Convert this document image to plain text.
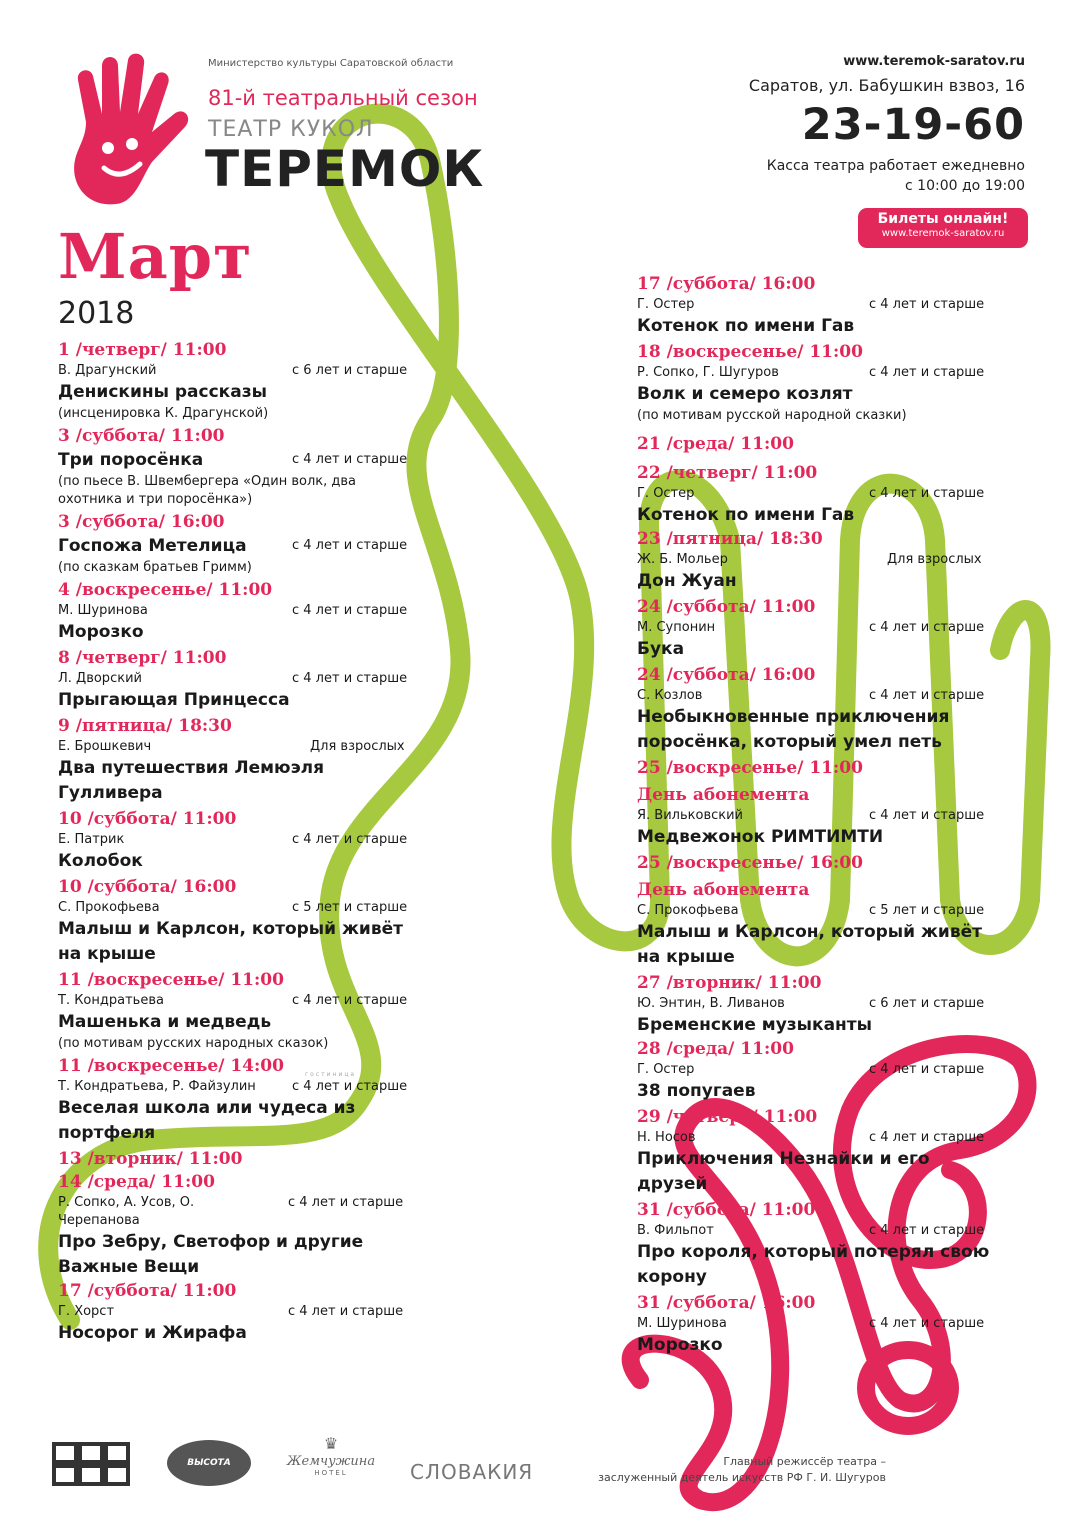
Министерство культуры Саратовской области
81-й театральный сезон
ТЕАТР КУКОЛ
ТЕРЕМОК
Март
2018
www.teremok-saratov.ru
Саратов, ул. Бабушкин взвоз, 16
23-19-60
Касса театра работает ежедневно
с 10:00 до 19:00
Билеты онлайн!
www.teremok-saratov.ru
1 /четверг/ 11:00
В. Драгунский	с 6 лет и старше
Денискины рассказы
(инсценировка К. Драгунской)
3 /суббота/ 11:00
Три поросёнка	с 4 лет и старше
(по пьесе В. Швембергера «Один волк, два охотника и три поросёнка»)
3 /суббота/ 16:00
Госпожа Метелица	с 4 лет и старше
(по сказкам братьев Гримм)
4 /воскресенье/ 11:00
М. Шуринова	с 4 лет и старше
Морозко
8 /четверг/ 11:00
Л. Дворский	с 4 лет и старше
Прыгающая Принцесса
9 /пятница/ 18:30
Е. Брошкевич	Для взрослых
Два путешествия Лемюэля Гулливера
10 /суббота/ 11:00
Е. Патрик	с 4 лет и старше
Колобок
10 /суббота/ 16:00
С. Прокофьева	с 5 лет и старше
Малыш и Карлсон, который живёт на крыше
11 /воскресенье/ 11:00
Т. Кондратьева	с 4 лет и старше
Машенька и медведь
(по мотивам русских народных сказок)
11 /воскресенье/ 14:00
Т. Кондратьева, Р. Файзулин	с 4 лет и старше
Веселая школа или чудеса из портфеля
13 /вторник/ 11:00
14 /среда/ 11:00
Р. Сопко, А. Усов, О. Черепанова
с 4 лет и старше
Про Зебру, Светофор и другие Важные Вещи
17 /суббота/ 11:00
Г. Хорст	с 4 лет и старше
Носорог и Жирафа
17 /суббота/ 16:00
Г. Остер	с 4 лет и старше
Котенок по имени Гав
18 /воскресенье/ 11:00
Р. Сопко, Г. Шугуров	с 4 лет и старше
Волк и семеро козлят
(по мотивам русской народной сказки)
21 /среда/ 11:00
22 /четверг/ 11:00
Г. Остер	с 4 лет и старше
Котенок по имени Гав
23 /пятница/ 18:30
Ж. Б. Мольер	Для взрослых
Дон Жуан
24 /суббота/ 11:00
М. Супонин	с 4 лет и старше
Бука
24 /суббота/ 16:00
С. Козлов	с 4 лет и старше
Необыкновенные приключения поросёнка, который умел петь
25 /воскресенье/ 11:00
День абонемента
Я. Вильковский	с 4 лет и старше
Медвежонок РИМТИМТИ
25 /воскресенье/ 16:00
День абонемента
С. Прокофьева	с 5 лет и старше
Малыш и Карлсон, который живёт на крыше
27 /вторник/ 11:00
Ю. Энтин, В. Ливанов	с 6 лет и старше
Бременские музыканты
28 /среда/ 11:00
Г. Остер	с 4 лет и старше
38 попугаев
29 /четверг/ 11:00
Н. Носов	с 4 лет и старше
Приключения Незнайки и его друзей
31 /суббота/ 11:00
В. Фильпот	с 4 лет и старше
Про короля, который потерял свою корону
31 /суббота/ 16:00
М. Шуринова	с 4 лет и старше
Морозко
гостиница
ВЫСОТА
♛
Жемчужина
HOTEL	СЛОВАКИЯ	Главный режиссёр театра –
заслуженный деятель искусств РФ Г. И. Шугуров
